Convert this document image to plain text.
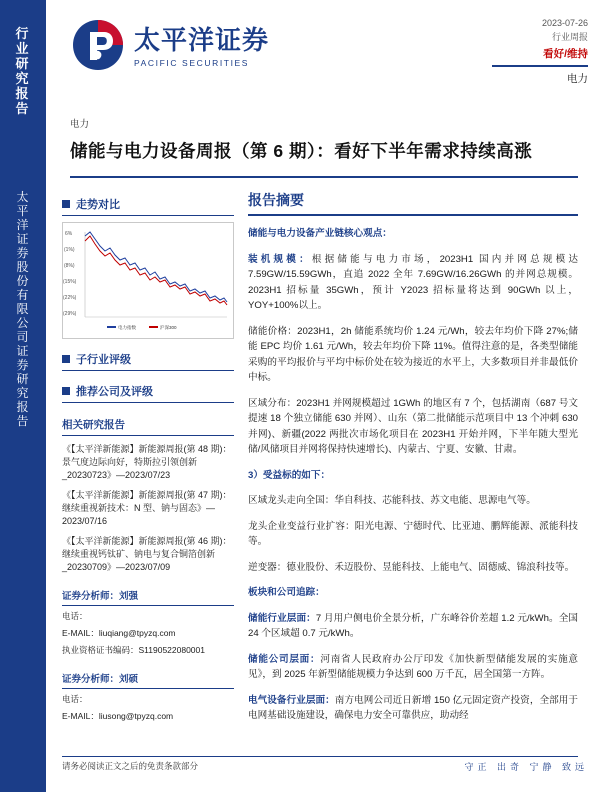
行
业
研
究
报
告
太
平
洋
证
券
股
份
有
限
公
司
证
券
研
究
报
告
太平洋证券
PACIFIC SECURITIES
2023-07-26
行业周报
看好/维持
电力
电力
储能与电力设备周报（第 6 期）：看好下半年需求持续高涨
走势对比
6%
(1%)
(8%)
(15%)
(22%)
(29%)
电力指数	沪深300
子行业评级
推荐公司及评级
相关研究报告
《【太平洋新能源】新能源周报(第 48 期)：景气度边际向好，特斯拉引领创新_20230723》—2023/07/23
《【太平洋新能源】新能源周报(第 47 期)：继续重视新技术：N 型、钠与固态》—2023/07/16
《【太平洋新能源】新能源周报(第 46 期)：继续重视钙钛矿、钠电与复合铜箔创新_20230709》—2023/07/09
证券分析师：刘强
电话：
E-MAIL：liuqiang@tpyzq.com
执业资格证书编码：S1190522080001
证券分析师：刘硕
电话：
E-MAIL：liusong@tpyzq.com
报告摘要
储能与电力设备产业链核心观点：
装机规模：根据储能与电力市场，2023H1 国内并网总规模达 7.59GW/15.59GWh，直追 2022 全年 7.69GW/16.26GWh 的并网总规模。2023H1 招标量 35GWh，预计 Y2023 招标量将达到 90GWh 以上，YOY+100%以上。
储能价格：2023H1，2h 储能系统均价 1.24 元/Wh，较去年均价下降 27%;储能 EPC 均价 1.61 元/Wh，较去年均价下降 11%。值得注意的是，各类型储能采购的平均报价与平均中标价处在较为接近的水平上，大多数项目并非最低价中标。
区域分布：2023H1 并网规模超过 1GWh 的地区有 7 个，包括湖南（687 号文提速 18 个独立储能 630 并网）、山东（第二批储能示范项目中 13 个冲刺 630 并网)、新疆(2022 两批次市场化项目在 2023H1 开始并网，下半年随大型光储/风储项目并网将保持快速增长)、内蒙古、宁夏、安徽、甘肃。
3）受益标的如下：
区域龙头走向全国：华自科技、芯能科技、苏文电能、思源电气等。
龙头企业变益行业扩容：阳光电源、宁德时代、比亚迪、鹏辉能源、派能科技等。
逆变器：德业股份、禾迈股份、昱能科技、上能电气、固德威、锦浪科技等。
板块和公司追踪：
储能行业层面：7 月用户侧电价全景分析，广东峰谷价差超 1.2 元/kWh。全国 24 个区域超 0.7 元/kWh。
储能公司层面：河南省人民政府办公厅印发《加快新型储能发展的实施意见》，到 2025 年新型储能规模力争达到 600 万千瓦，居全国第一方阵。
电气设备行业层面：南方电网公司近日新增 150 亿元固定资产投资，全部用于电网基础设施建设，确保电力安全可靠供应，助动经
请务必阅读正文之后的免责条款部分	守正 出奇 宁静 致远
